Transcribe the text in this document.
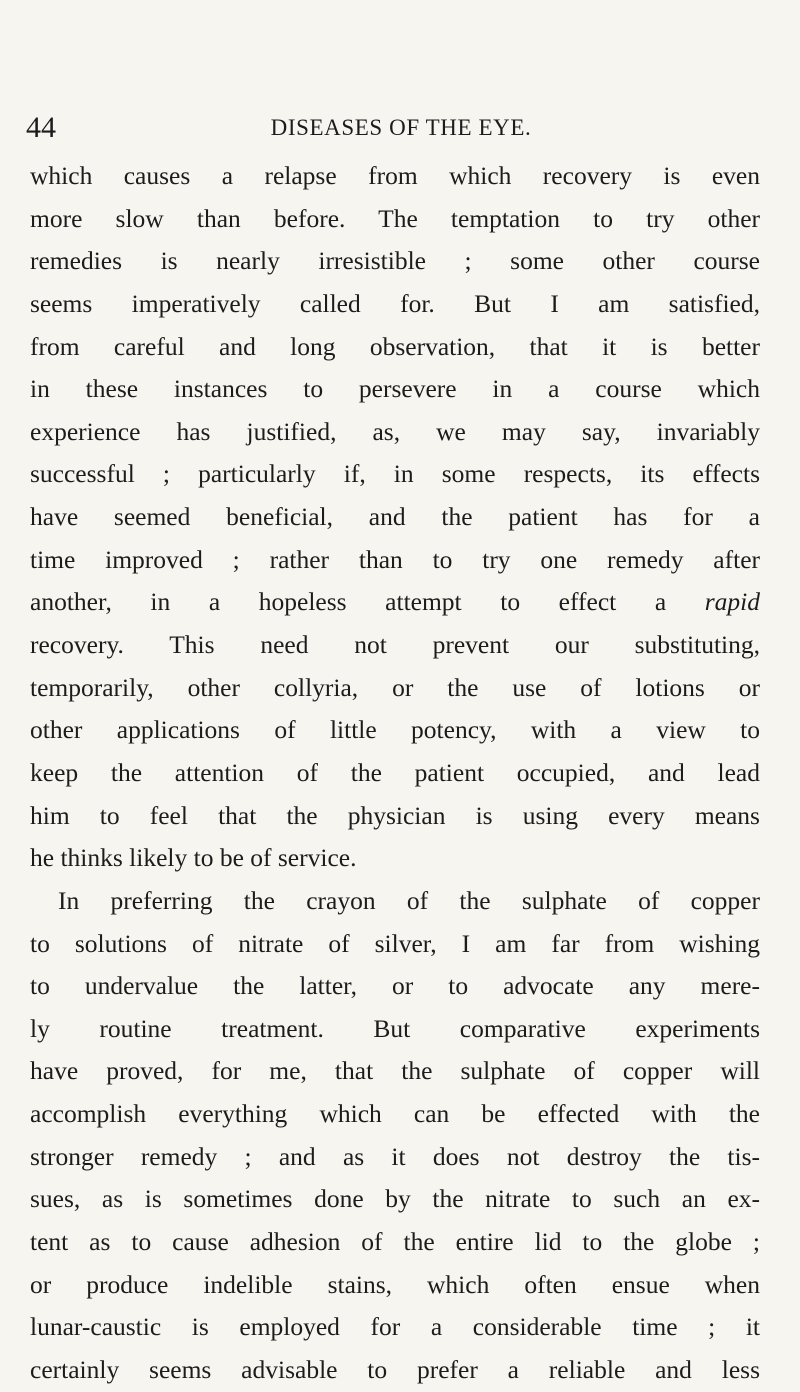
44	DISEASES OF THE EYE.
which causes a relapse from which recovery is even
more slow than before. The temptation to try other
remedies is nearly irresistible ; some other course
seems imperatively called for. But I am satisfied,
from careful and long observation, that it is better
in these instances to persevere in a course which
experience has justified, as, we may say, invariably
successful ; particularly if, in some respects, its effects
have seemed beneficial, and the patient has for a
time improved ; rather than to try one remedy after
another, in a hopeless attempt to effect a rapid
recovery. This need not prevent our substituting,
temporarily, other collyria, or the use of lotions or
other applications of little potency, with a view to
keep the attention of the patient occupied, and lead
him to feel that the physician is using every means
he thinks likely to be of service.
In preferring the crayon of the sulphate of copper
to solutions of nitrate of silver, I am far from wishing
to undervalue the latter, or to advocate any mere-
ly routine treatment. But comparative experiments
have proved, for me, that the sulphate of copper will
accomplish everything which can be effected with the
stronger remedy ; and as it does not destroy the tis-
sues, as is sometimes done by the nitrate to such an ex-
tent as to cause adhesion of the entire lid to the globe ;
or produce indelible stains, which often ensue when
lunar-caustic is employed for a considerable time ; it
certainly seems advisable to prefer a reliable and less
